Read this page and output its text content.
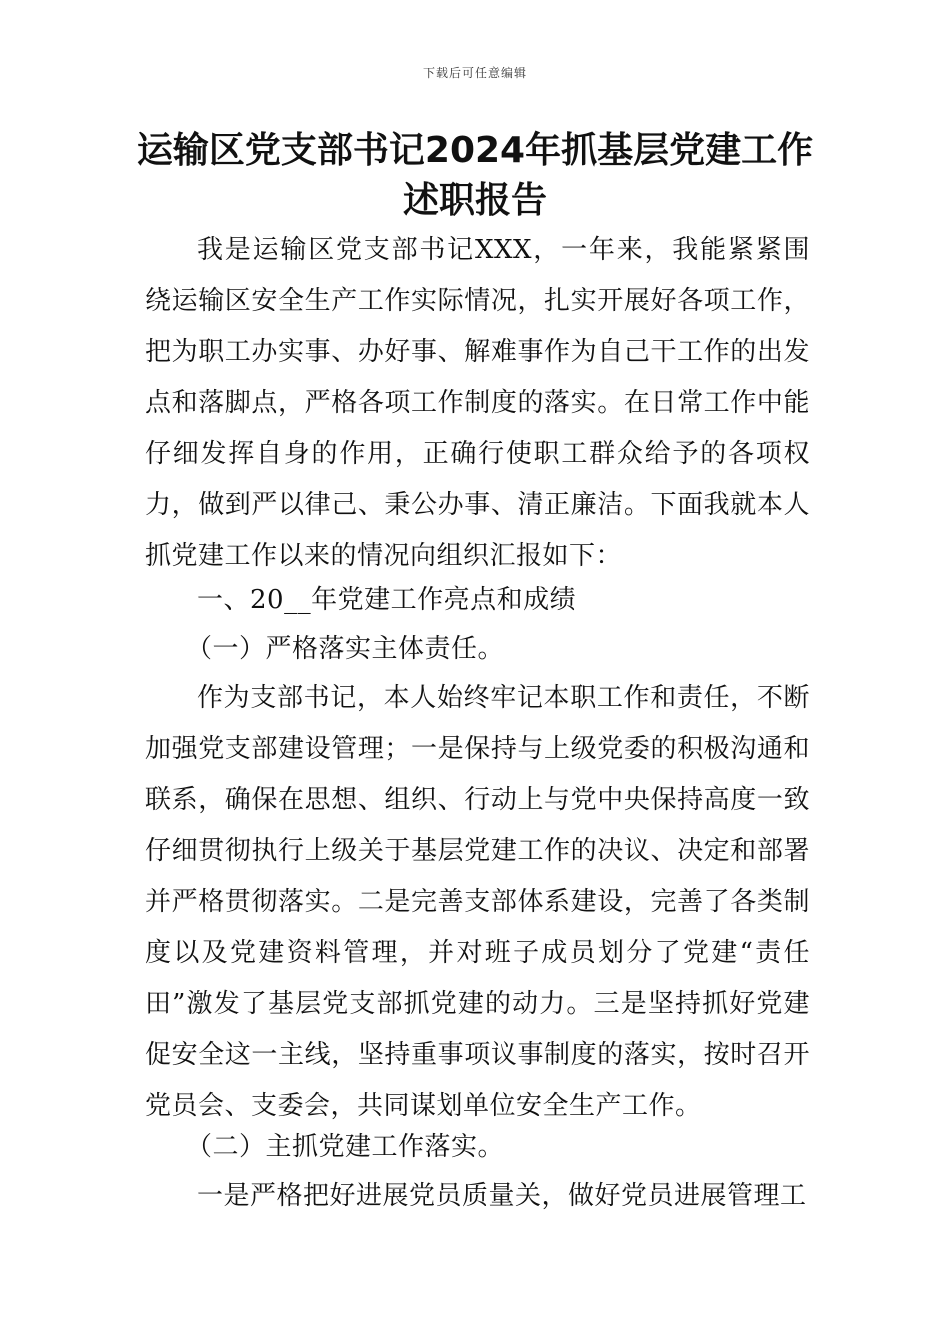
下载后可任意编辑
运输区党支部书记2024年抓基层党建工作述职报告
我是运输区党支部书记XXX，一年来，我能紧紧围绕运输区安全生产工作实际情况，扎实开展好各项工作，把为职工办实事、办好事、解难事作为自己干工作的出发点和落脚点，严格各项工作制度的落实。在日常工作中能仔细发挥自身的作用，正确行使职工群众给予的各项权力，做到严以律己、秉公办事、清正廉洁。下面我就本人抓党建工作以来的情况向组织汇报如下：
一、20__年党建工作亮点和成绩
（一）严格落实主体责任。
作为支部书记，本人始终牢记本职工作和责任，不断加强党支部建设管理；一是保持与上级党委的积极沟通和联系，确保在思想、组织、行动上与党中央保持高度一致仔细贯彻执行上级关于基层党建工作的决议、决定和部署并严格贯彻落实。二是完善支部体系建设，完善了各类制度以及党建资料管理，并对班子成员划分了党建“责任田”激发了基层党支部抓党建的动力。三是坚持抓好党建促安全这一主线，坚持重事项议事制度的落实，按时召开党员会、支委会，共同谋划单位安全生产工作。
（二）主抓党建工作落实。
一是严格把好进展党员质量关，做好党员进展管理工
